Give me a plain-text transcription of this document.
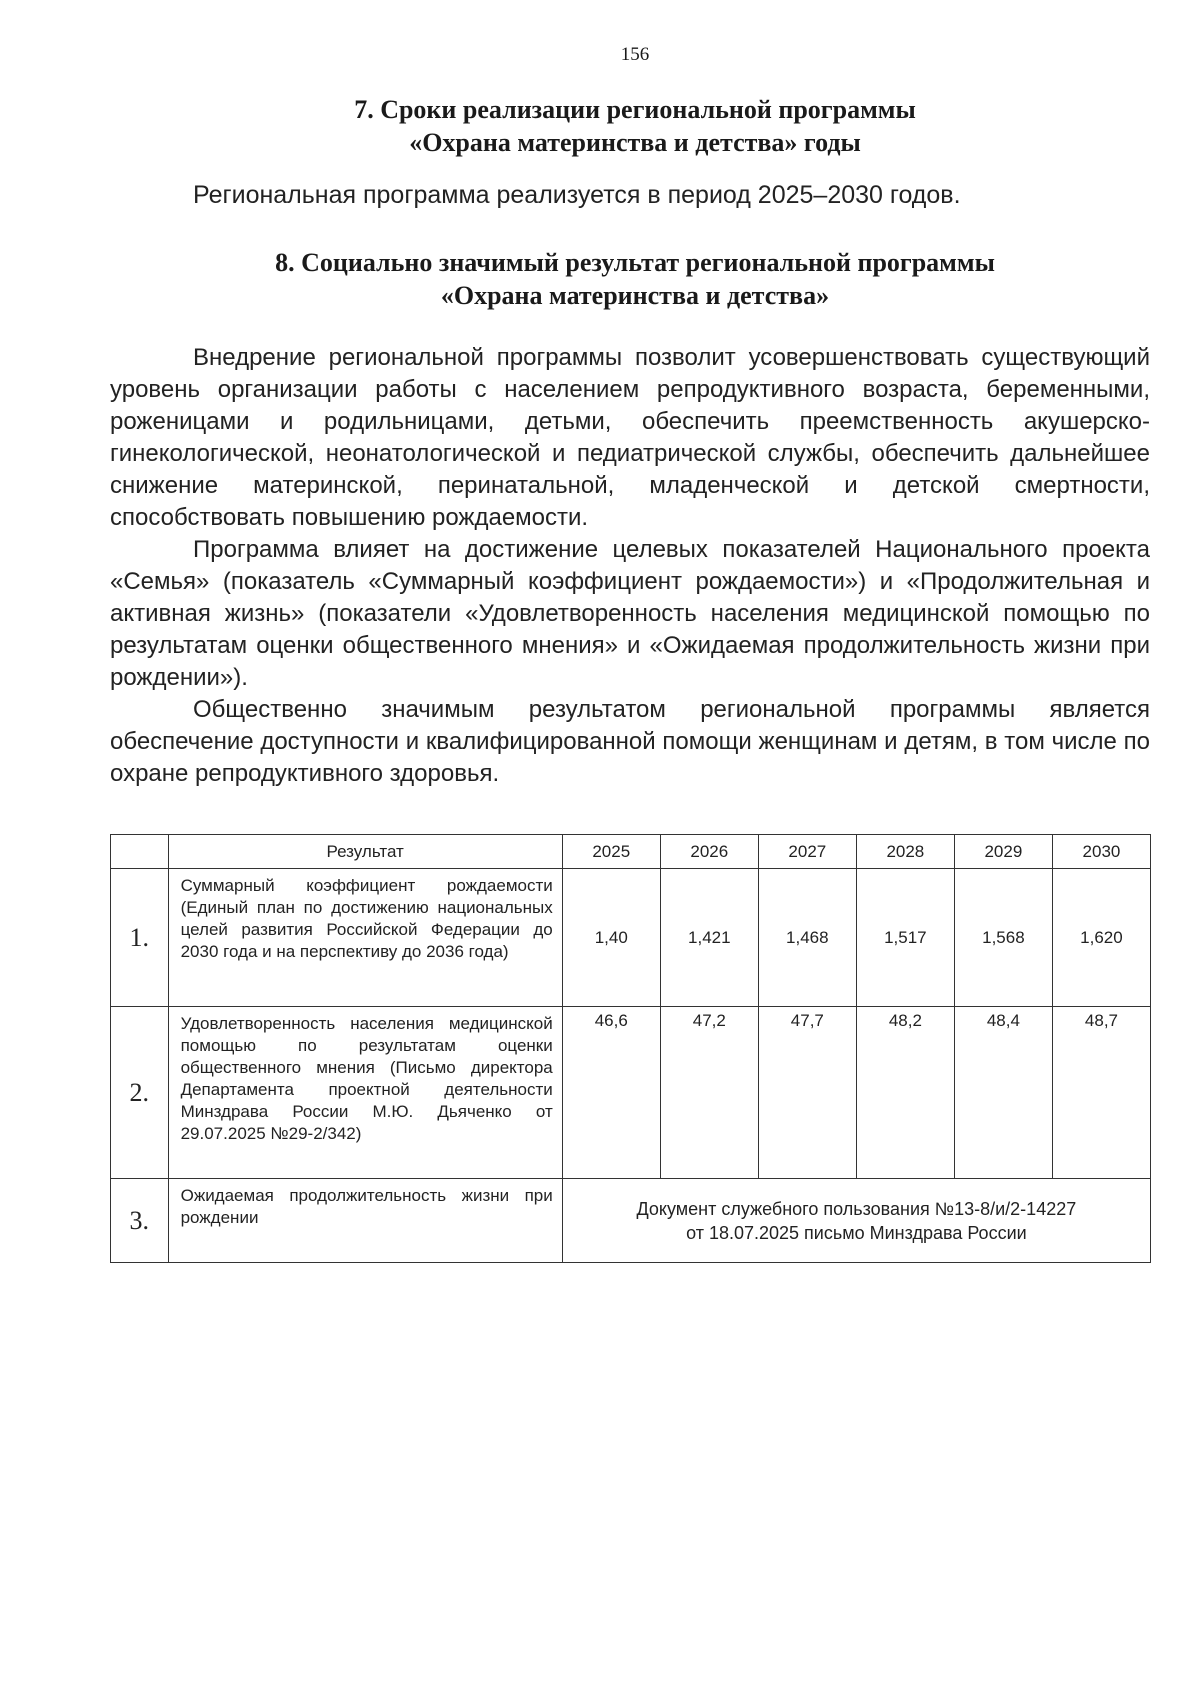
156
7. Сроки реализации региональной программы
«Охрана материнства и детства» годы
Региональная программа реализуется в период 2025–2030 годов.
8. Социально значимый результат региональной программы
«Охрана материнства и детства»

Внедрение региональной программы позволит усовершенствовать существующий уровень организации работы с населением репродуктивного возраста, беременными, роженицами и родильницами, детьми, обеспечить преемственность акушерско-гинекологической, неонатологической и педиатрической службы, обеспечить дальнейшее снижение материнской, перинатальной, младенческой и детской смертности, способствовать повышению рождаемости.

Программа влияет на достижение целевых показателей Национального проекта «Семья» (показатель «Суммарный коэффициент рождаемости») и «Продолжительная и активная жизнь» (показатели «Удовлетворенность населения медицинской помощью по результатам оценки общественного мнения» и «Ожидаемая продолжительность жизни при рождении»).

Общественно значимым результатом региональной программы является обеспечение доступности и квалифицированной помощи женщинам и детям, в том числе по охране репродуктивного здоровья.

	Результат	2025	2026	2027	2028	2029	2030
1.	Суммарный коэффициент рождаемости (Единый план по достижению национальных целей развития Российской Федерации до 2030 года и на перспективу до 2036 года)	1,40	1,421	1,468	1,517	1,568	1,620
2.	Удовлетворенность населения медицинской помощью по результатам оценки общественного мнения (Письмо директора Департамента проектной деятельности Минздрава России М.Ю. Дьяченко от 29.07.2025 №29-2/342)	46,6	47,2	47,7	48,2	48,4	48,7
3.	Ожидаемая продолжительность жизни при рождении	Документ служебного пользования №13-8/и/2-14227
от 18.07.2025 письмо Минздрава России					
